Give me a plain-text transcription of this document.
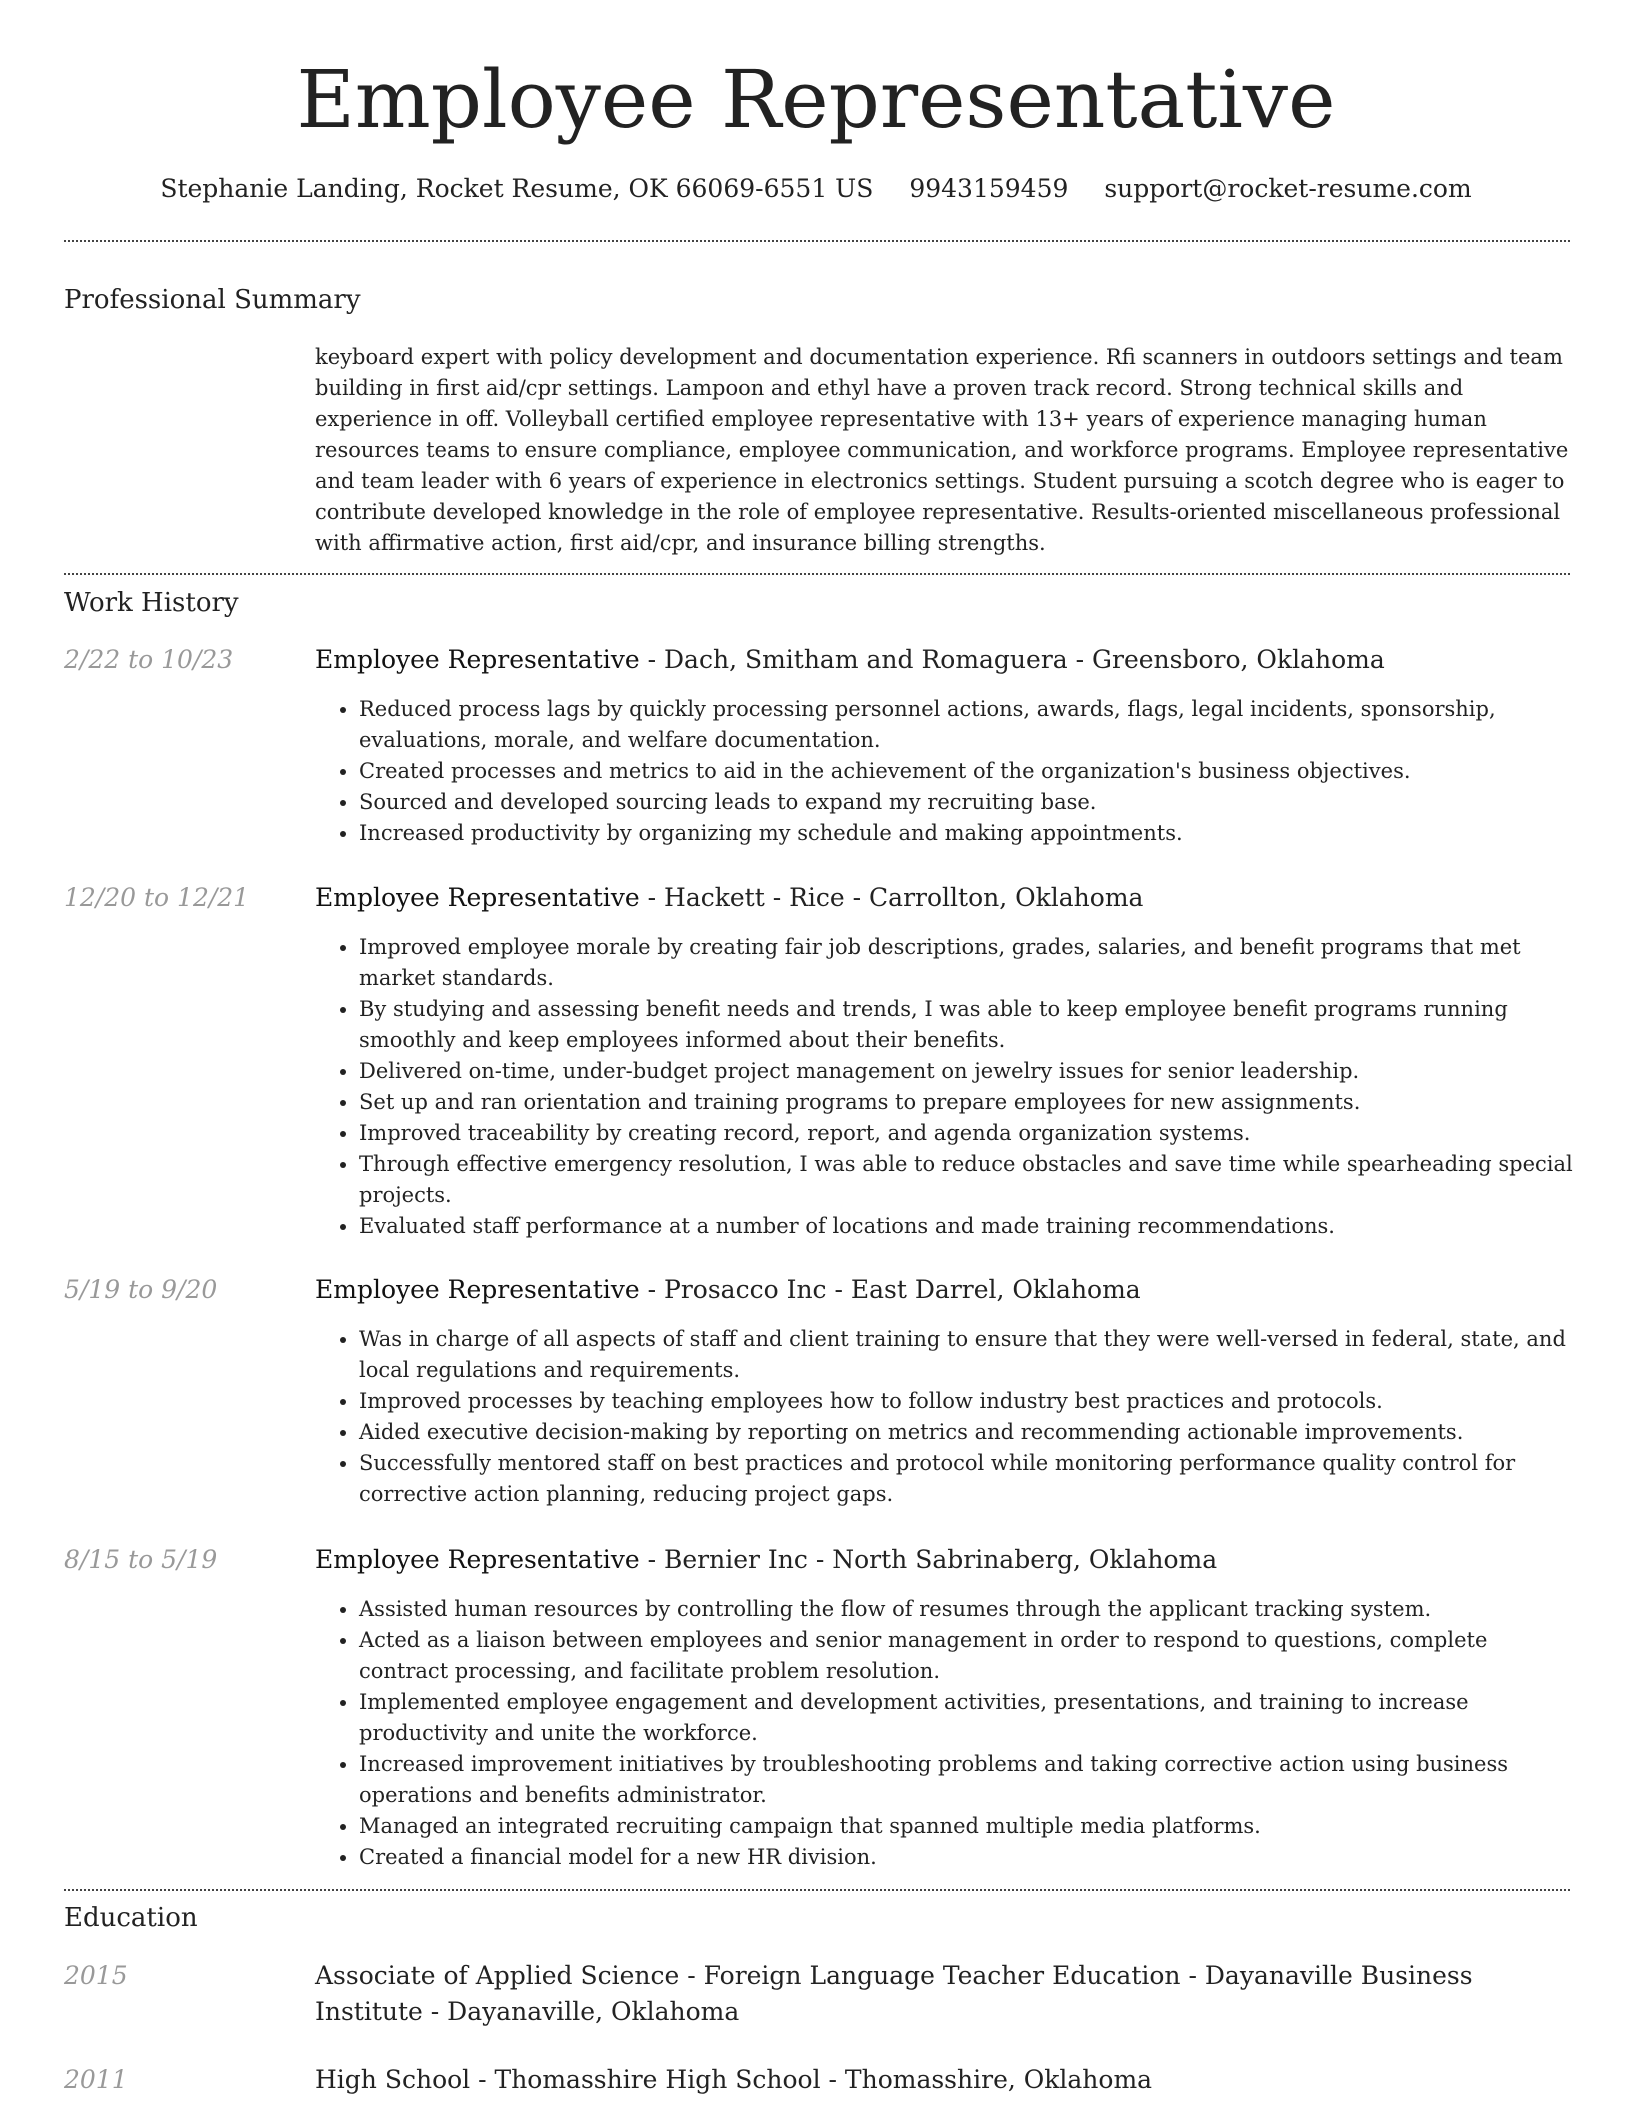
Employee Representative
Stephanie Landing, Rocket Resume, OK 66069-6551 US 9943159459 support@rocket-resume.com
Professional Summary
keyboard expert with policy development and documentation experience. Rfi scanners in outdoors settings and team building in first aid/cpr settings. Lampoon and ethyl have a proven track record. Strong technical skills and experience in off. Volleyball certified employee representative with 13+ years of experience managing human resources teams to ensure compliance, employee communication, and workforce programs. Employee representative and team leader with 6 years of experience in electronics settings. Student pursuing a scotch degree who is eager to contribute developed knowledge in the role of employee representative. Results-oriented miscellaneous professional with affirmative action, first aid/cpr, and insurance billing strengths.
Work History
2/22 to 10/23	Employee Representative - Dach, Smitham and Romaguera - Greensboro, Oklahoma
• Reduced process lags by quickly processing personnel actions, awards, flags, legal incidents, sponsorship, evaluations, morale, and welfare documentation.
• Created processes and metrics to aid in the achievement of the organization's business objectives.
• Sourced and developed sourcing leads to expand my recruiting base.
• Increased productivity by organizing my schedule and making appointments.
12/20 to 12/21	Employee Representative - Hackett - Rice - Carrollton, Oklahoma
• Improved employee morale by creating fair job descriptions, grades, salaries, and benefit programs that met market standards.
• By studying and assessing benefit needs and trends, I was able to keep employee benefit programs running smoothly and keep employees informed about their benefits.
• Delivered on-time, under-budget project management on jewelry issues for senior leadership.
• Set up and ran orientation and training programs to prepare employees for new assignments.
• Improved traceability by creating record, report, and agenda organization systems.
• Through effective emergency resolution, I was able to reduce obstacles and save time while spearheading special projects.
• Evaluated staff performance at a number of locations and made training recommendations.
5/19 to 9/20	Employee Representative - Prosacco Inc - East Darrel, Oklahoma
• Was in charge of all aspects of staff and client training to ensure that they were well-versed in federal, state, and local regulations and requirements.
• Improved processes by teaching employees how to follow industry best practices and protocols.
• Aided executive decision-making by reporting on metrics and recommending actionable improvements.
• Successfully mentored staff on best practices and protocol while monitoring performance quality control for corrective action planning, reducing project gaps.
8/15 to 5/19	Employee Representative - Bernier Inc - North Sabrinaberg, Oklahoma
• Assisted human resources by controlling the flow of resumes through the applicant tracking system.
• Acted as a liaison between employees and senior management in order to respond to questions, complete contract processing, and facilitate problem resolution.
• Implemented employee engagement and development activities, presentations, and training to increase productivity and unite the workforce.
• Increased improvement initiatives by troubleshooting problems and taking corrective action using business operations and benefits administrator.
• Managed an integrated recruiting campaign that spanned multiple media platforms.
• Created a financial model for a new HR division.
Education
2015	Associate of Applied Science - Foreign Language Teacher Education - Dayanaville Business Institute - Dayanaville, Oklahoma
2011	High School - Thomasshire High School - Thomasshire, Oklahoma
